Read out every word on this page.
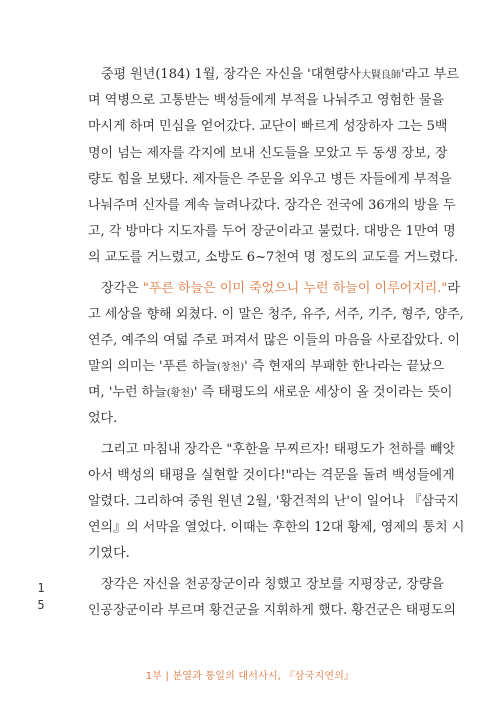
중평 원년(184) 1월, 장각은 자신을 '대현량사大賢良師'라고 부르
며 역병으로 고통받는 백성들에게 부적을 나눠주고 영험한 물을
마시게 하며 민심을 얻어갔다. 교단이 빠르게 성장하자 그는 5백
명이 넘는 제자를 각지에 보내 신도들을 모았고 두 동생 장보, 장
량도 힘을 보탰다. 제자들은 주문을 외우고 병든 자들에게 부적을
나눠주며 신자를 계속 늘려나갔다. 장각은 전국에 36개의 방을 두
고, 각 방마다 지도자를 두어 장군이라고 불렀다. 대방은 1만여 명
의 교도를 거느렸고, 소방도 6~7천여 명 정도의 교도를 거느렸다.
장각은 "푸른 하늘은 이미 죽었으니 누런 하늘이 이루어지리."라
고 세상을 향해 외쳤다. 이 말은 청주, 유주, 서주, 기주, 형주, 양주,
연주, 예주의 여덟 주로 퍼져서 많은 이들의 마음을 사로잡았다. 이
말의 의미는 '푸른 하늘(창천)' 즉 현재의 부패한 한나라는 끝났으
며, '누런 하늘(황천)' 즉 태평도의 새로운 세상이 올 것이라는 뜻이
었다.
그리고 마침내 장각은 "후한을 무찌르자! 태평도가 천하를 빼앗
아서 백성의 태평을 실현할 것이다!"라는 격문을 돌려 백성들에게
알렸다. 그리하여 중원 원년 2월, '황건적의 난'이 일어나 『삼국지
연의』의 서막을 열었다. 이때는 후한의 12대 황제, 영제의 통치 시
기였다.
장각은 자신을 천공장군이라 칭했고 장보를 지평장군, 장량을
인공장군이라 부르며 황건군을 지휘하게 했다. 황건군은 태평도의
15
1부 | 분열과 통일의 대서사시, 『삼국지연의』
